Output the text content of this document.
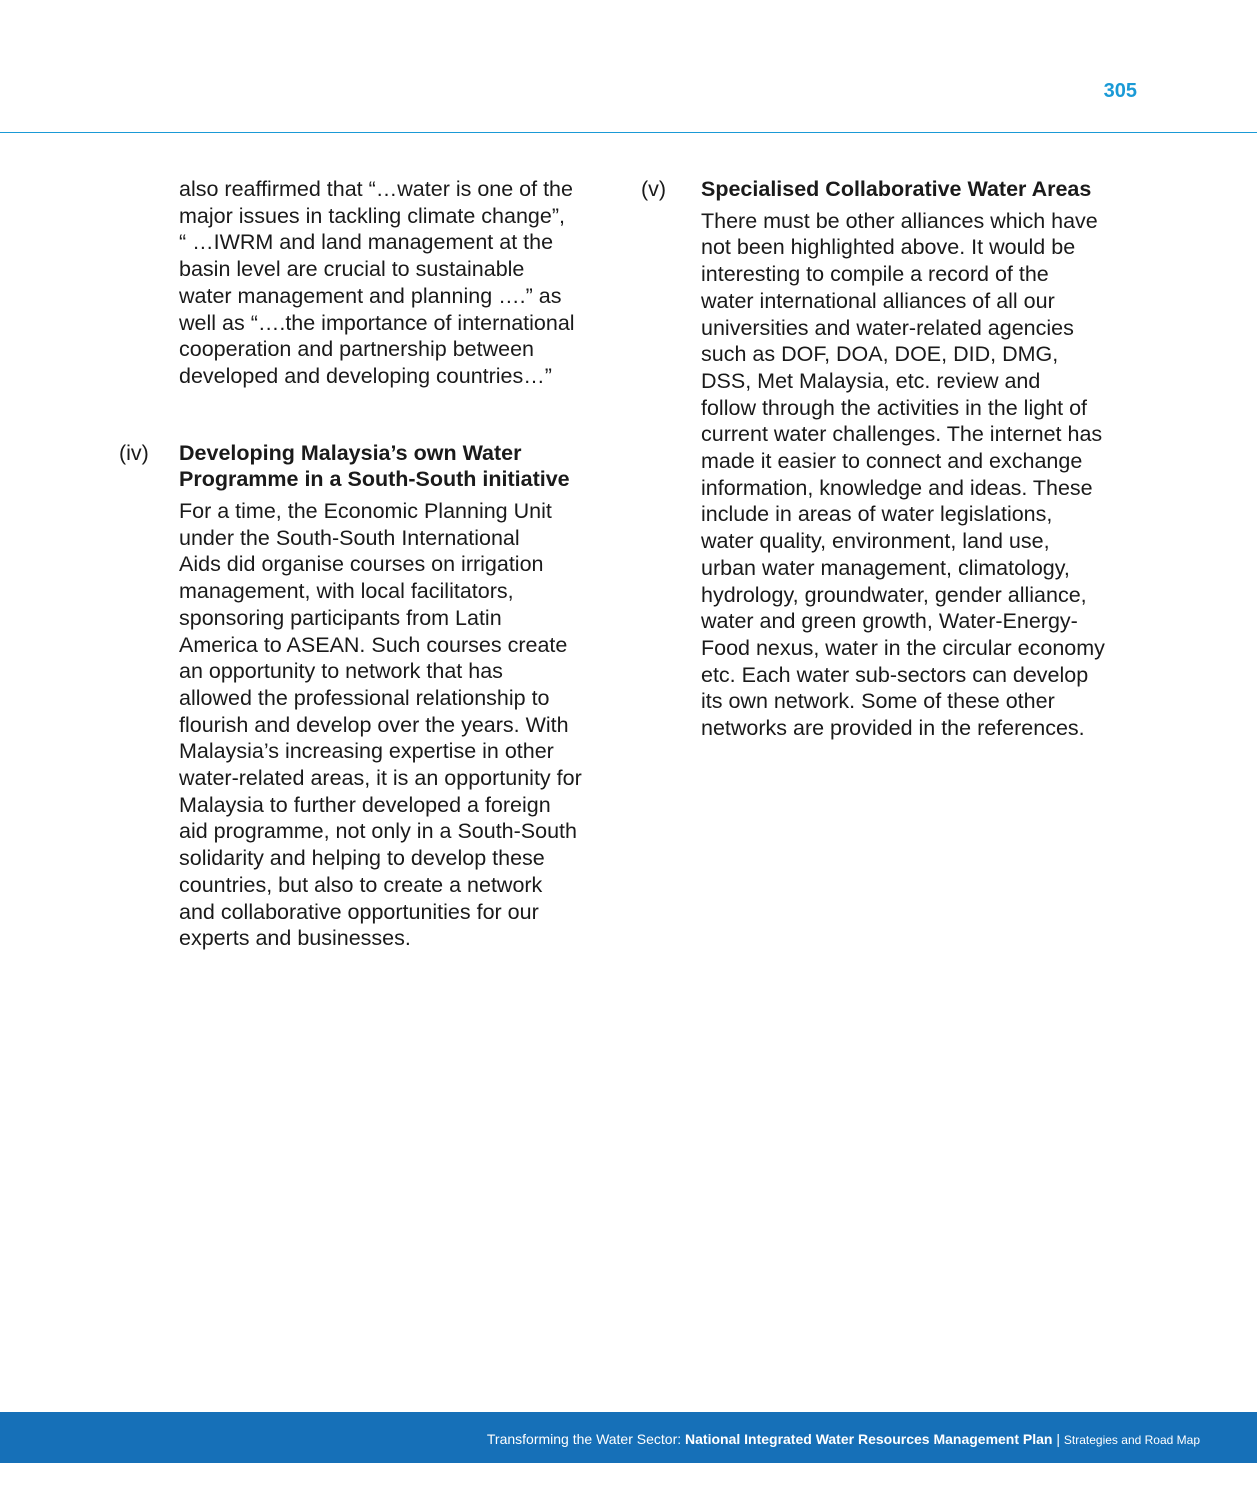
305

also reaffirmed that “…water is one of the

major issues in tackling climate change”,

“ …IWRM and land management at the

basin level are crucial to sustainable

water management and planning ….” as

well as “….the importance of international

cooperation and partnership between

developed and developing countries…”

(iv) Developing Malaysia’s own Water

Programme in a South-South initiative

For a time, the Economic Planning Unit

under the South-South International

Aids did organise courses on irrigation

management, with local facilitators,

sponsoring participants from Latin

America to ASEAN. Such courses create

an opportunity to network that has

allowed the professional relationship to

flourish and develop over the years. With

Malaysia’s increasing expertise in other

water-related areas, it is an opportunity for

Malaysia to further developed a foreign

aid programme, not only in a South-South

solidarity and helping to develop these

countries, but also to create a network

and collaborative opportunities for our

experts and businesses.

(v) Specialised Collaborative Water Areas

There must be other alliances which have

not been highlighted above. It would be

interesting to compile a record of the

water international alliances of all our

universities and water-related agencies

such as DOF, DOA, DOE, DID, DMG,

DSS, Met Malaysia, etc. review and

follow through the activities in the light of

current water challenges. The internet has

made it easier to connect and exchange

information, knowledge and ideas. These

include in areas of water legislations,

water quality, environment, land use,

urban water management, climatology,

hydrology, groundwater, gender alliance,

water and green growth, Water-Energy-

Food nexus, water in the circular economy

etc. Each water sub-sectors can develop

its own network. Some of these other

networks are provided in the references.

Transforming the Water Sector: National Integrated Water Resources Management Plan | Strategies and Road Map
